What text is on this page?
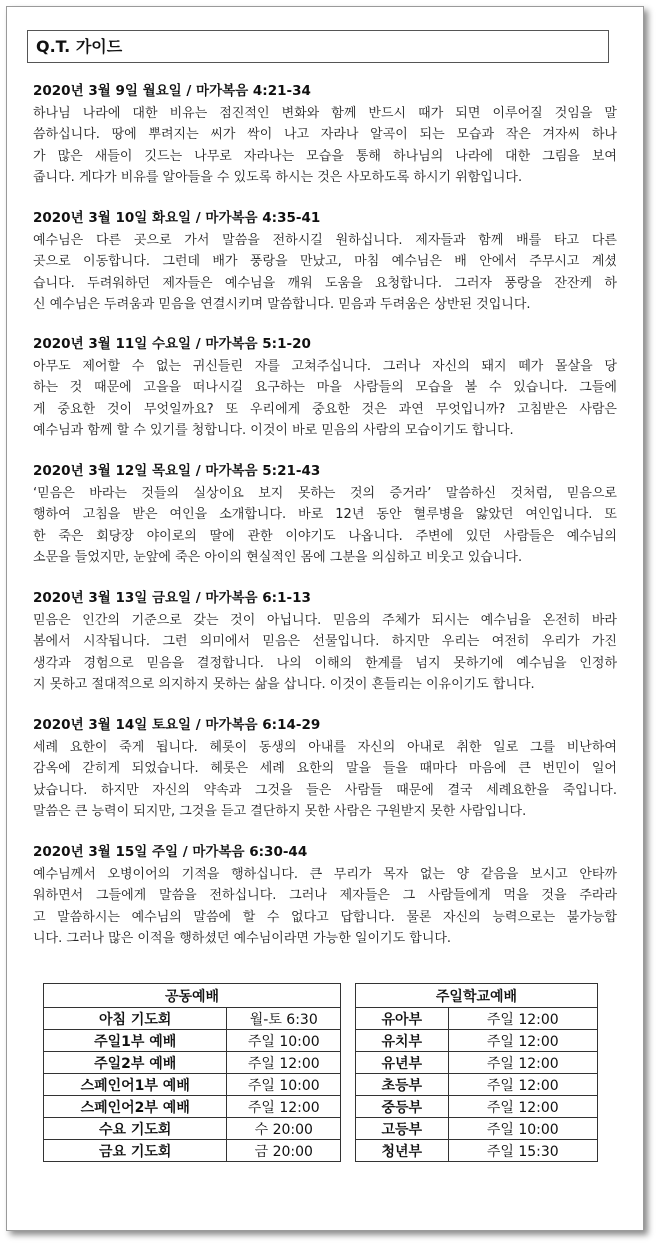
Q.T. 가이드
2020년 3월 9일 월요일 / 마가복음 4:21-34
하나님 나라에 대한 비유는 점진적인 변화와 함께 반드시 때가 되면 이루어질 것임을 말
씀하십니다. 땅에 뿌려지는 씨가 싹이 나고 자라나 알곡이 되는 모습과 작은 겨자씨 하나
가 많은 새들이 깃드는 나무로 자라나는 모습을 통해 하나님의 나라에 대한 그림을 보여
줍니다. 게다가 비유를 알아들을 수 있도록 하시는 것은 사모하도록 하시기 위함입니다.
2020년 3월 10일 화요일 / 마가복음 4:35-41
예수님은 다른 곳으로 가서 말씀을 전하시길 원하십니다. 제자들과 함께 배를 타고 다른
곳으로 이동합니다. 그런데 배가 풍랑을 만났고, 마침 예수님은 배 안에서 주무시고 계셨
습니다. 두려워하던 제자들은 예수님을 깨워 도움을 요청합니다. 그러자 풍랑을 잔잔케 하
신 예수님은 두려움과 믿음을 연결시키며 말씀합니다. 믿음과 두려움은 상반된 것입니다.
2020년 3월 11일 수요일 / 마가복음 5:1-20
아무도 제어할 수 없는 귀신들린 자를 고쳐주십니다. 그러나 자신의 돼지 떼가 몰살을 당
하는 것 때문에 고을을 떠나시길 요구하는 마을 사람들의 모습을 볼 수 있습니다. 그들에
게 중요한 것이 무엇일까요? 또 우리에게 중요한 것은 과연 무엇입니까? 고침받은 사람은
예수님과 함께 할 수 있기를 청합니다. 이것이 바로 믿음의 사람의 모습이기도 합니다.
2020년 3월 12일 목요일 / 마가복음 5:21-43
‘믿음은 바라는 것들의 실상이요 보지 못하는 것의 증거라’ 말씀하신 것처럼, 믿음으로
행하여 고침을 받은 여인을 소개합니다. 바로 12년 동안 혈루병을 앓았던 여인입니다. 또
한 죽은 회당장 야이로의 딸에 관한 이야기도 나옵니다. 주변에 있던 사람들은 예수님의
소문을 들었지만, 눈앞에 죽은 아이의 현실적인 몸에 그분을 의심하고 비웃고 있습니다.
2020년 3월 13일 금요일 / 마가복음 6:1-13
믿음은 인간의 기준으로 갖는 것이 아닙니다. 믿음의 주체가 되시는 예수님을 온전히 바라
봄에서 시작됩니다. 그런 의미에서 믿음은 선물입니다. 하지만 우리는 여전히 우리가 가진
생각과 경험으로 믿음을 결정합니다. 나의 이해의 한계를 넘지 못하기에 예수님을 인정하
지 못하고 절대적으로 의지하지 못하는 삶을 삽니다. 이것이 흔들리는 이유이기도 합니다.
2020년 3월 14일 토요일 / 마가복음 6:14-29
세례 요한이 죽게 됩니다. 헤롯이 동생의 아내를 자신의 아내로 취한 일로 그를 비난하여
감옥에 갇히게 되었습니다. 헤롯은 세례 요한의 말을 들을 때마다 마음에 큰 번민이 일어
났습니다. 하지만 자신의 약속과 그것을 들은 사람들 때문에 결국 세례요한을 죽입니다.
말씀은 큰 능력이 되지만, 그것을 듣고 결단하지 못한 사람은 구원받지 못한 사람입니다.
2020년 3월 15일 주일 / 마가복음 6:30-44
예수님께서 오병이어의 기적을 행하십니다. 큰 무리가 목자 없는 양 같음을 보시고 안타까
워하면서 그들에게 말씀을 전하십니다. 그러나 제자들은 그 사람들에게 먹을 것을 주라라
고 말씀하시는 예수님의 말씀에 할 수 없다고 답합니다. 물론 자신의 능력으로는 불가능합
니다. 그러나 많은 이적을 행하셨던 예수님이라면 가능한 일이기도 합니다.
공동예배			주일학교예배	
아침 기도회	월-토 6:30		유아부	주일 12:00
주일1부 예배	주일 10:00		유치부	주일 12:00
주일2부 예배	주일 12:00		유년부	주일 12:00
스페인어1부 예배	주일 10:00		초등부	주일 12:00
스페인어2부 예배	주일 12:00		중등부	주일 12:00
수요 기도회	수 20:00		고등부	주일 10:00
금요 기도회	금 20:00		청년부	주일 15:30
